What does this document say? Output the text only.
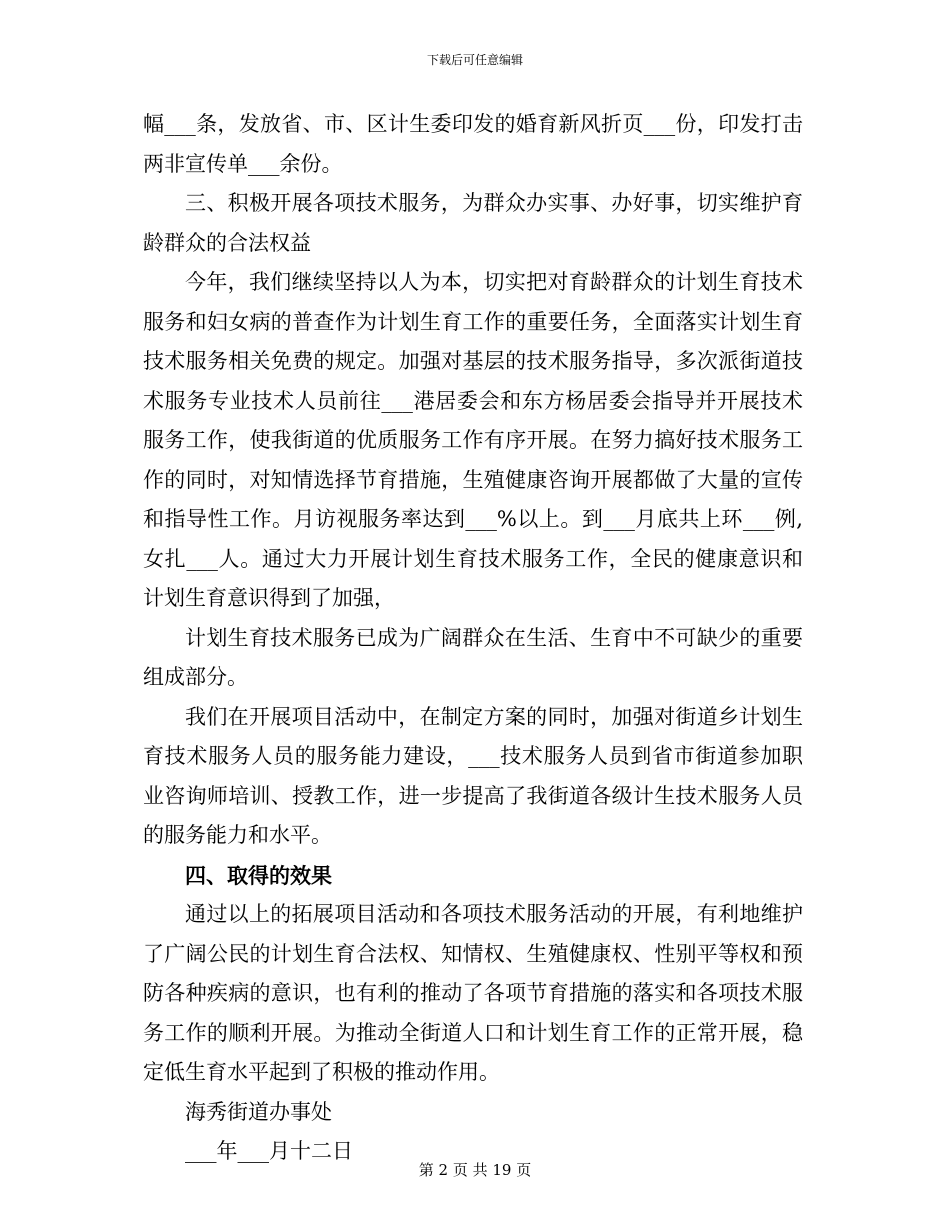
下载后可任意编辑

幅___条，发放省、市、区计生委印发的婚育新风折页___份，印发打击两非宣传单___余份。

三、积极开展各项技术服务，为群众办实事、办好事，切实维护育龄群众的合法权益

今年，我们继续坚持以人为本，切实把对育龄群众的计划生育技术服务和妇女病的普查作为计划生育工作的重要任务，全面落实计划生育技术服务相关免费的规定。加强对基层的技术服务指导，多次派街道技术服务专业技术人员前往___港居委会和东方杨居委会指导并开展技术服务工作，使我街道的优质服务工作有序开展。在努力搞好技术服务工作的同时，对知情选择节育措施，生殖健康咨询开展都做了大量的宣传和指导性工作。月访视服务率达到___%以上。到___月底共上环___例,女扎___人。通过大力开展计划生育技术服务工作，全民的健康意识和计划生育意识得到了加强，

计划生育技术服务已成为广阔群众在生活、生育中不可缺少的重要组成部分。

我们在开展项目活动中，在制定方案的同时，加强对街道乡计划生育技术服务人员的服务能力建设，___技术服务人员到省市街道参加职业咨询师培训、授教工作，进一步提高了我街道各级计生技术服务人员的服务能力和水平。

四、取得的效果

通过以上的拓展项目活动和各项技术服务活动的开展，有利地维护了广阔公民的计划生育合法权、知情权、生殖健康权、性别平等权和预防各种疾病的意识，也有利的推动了各项节育措施的落实和各项技术服务工作的顺利开展。为推动全街道人口和计划生育工作的正常开展，稳定低生育水平起到了积极的推动作用。

海秀街道办事处

___年___月十二日

第 2 页 共 19 页
